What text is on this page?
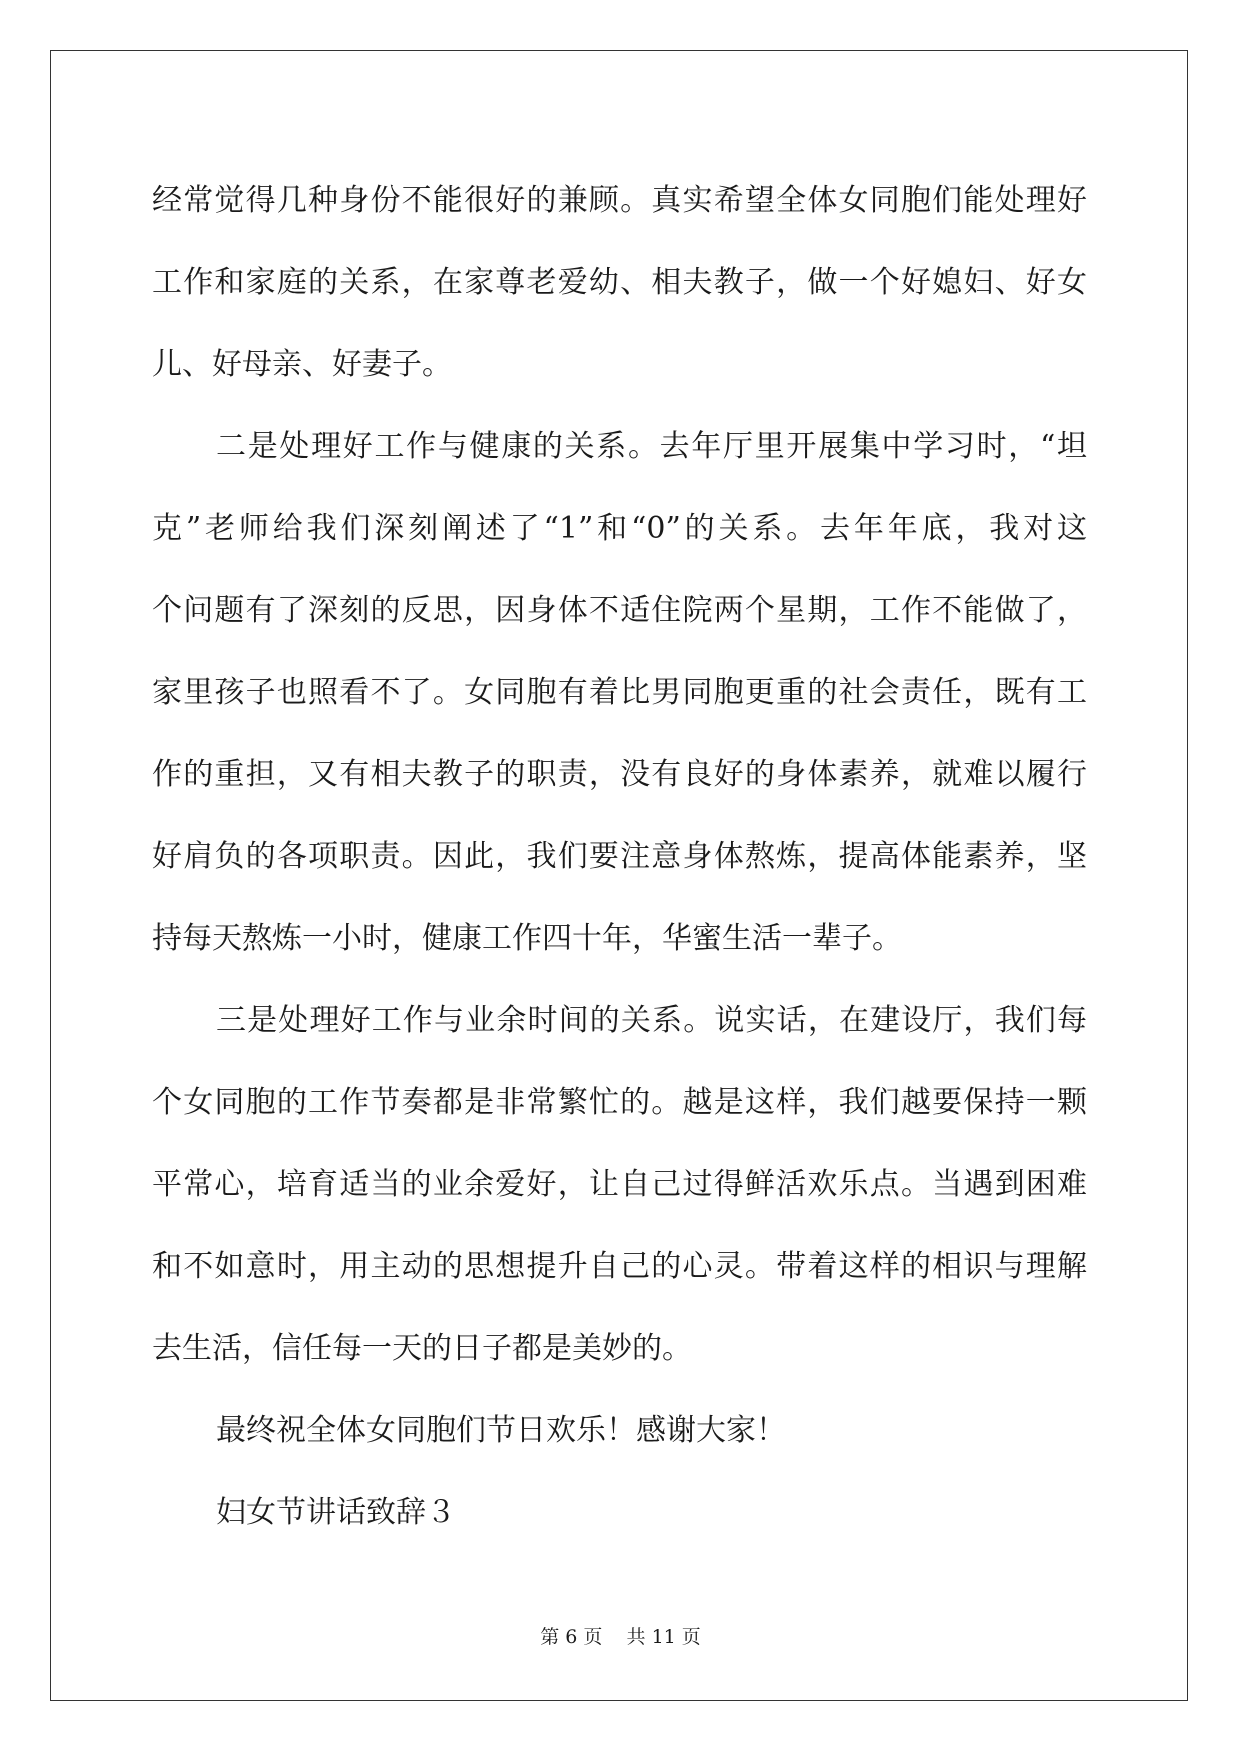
经常觉得几种身份不能很好的兼顾。真实希望全体女同胞们能处理好
工作和家庭的关系，在家尊老爱幼、相夫教子，做一个好媳妇、好女
儿、好母亲、好妻子。
二是处理好工作与健康的关系。去年厅里开展集中学习时，“坦
克”老师给我们深刻阐述了“1”和“0”的关系。去年年底，我对这
个问题有了深刻的反思，因身体不适住院两个星期，工作不能做了，
家里孩子也照看不了。女同胞有着比男同胞更重的社会责任，既有工
作的重担，又有相夫教子的职责，没有良好的身体素养，就难以履行
好肩负的各项职责。因此，我们要注意身体熬炼，提高体能素养，坚
持每天熬炼一小时，健康工作四十年，华蜜生活一辈子。
三是处理好工作与业余时间的关系。说实话，在建设厅，我们每
个女同胞的工作节奏都是非常繁忙的。越是这样，我们越要保持一颗
平常心，培育适当的业余爱好，让自己过得鲜活欢乐点。当遇到困难
和不如意时，用主动的思想提升自己的心灵。带着这样的相识与理解
去生活，信任每一天的日子都是美妙的。
最终祝全体女同胞们节日欢乐！感谢大家！
妇女节讲话致辞３
第 6 页    共 11 页
